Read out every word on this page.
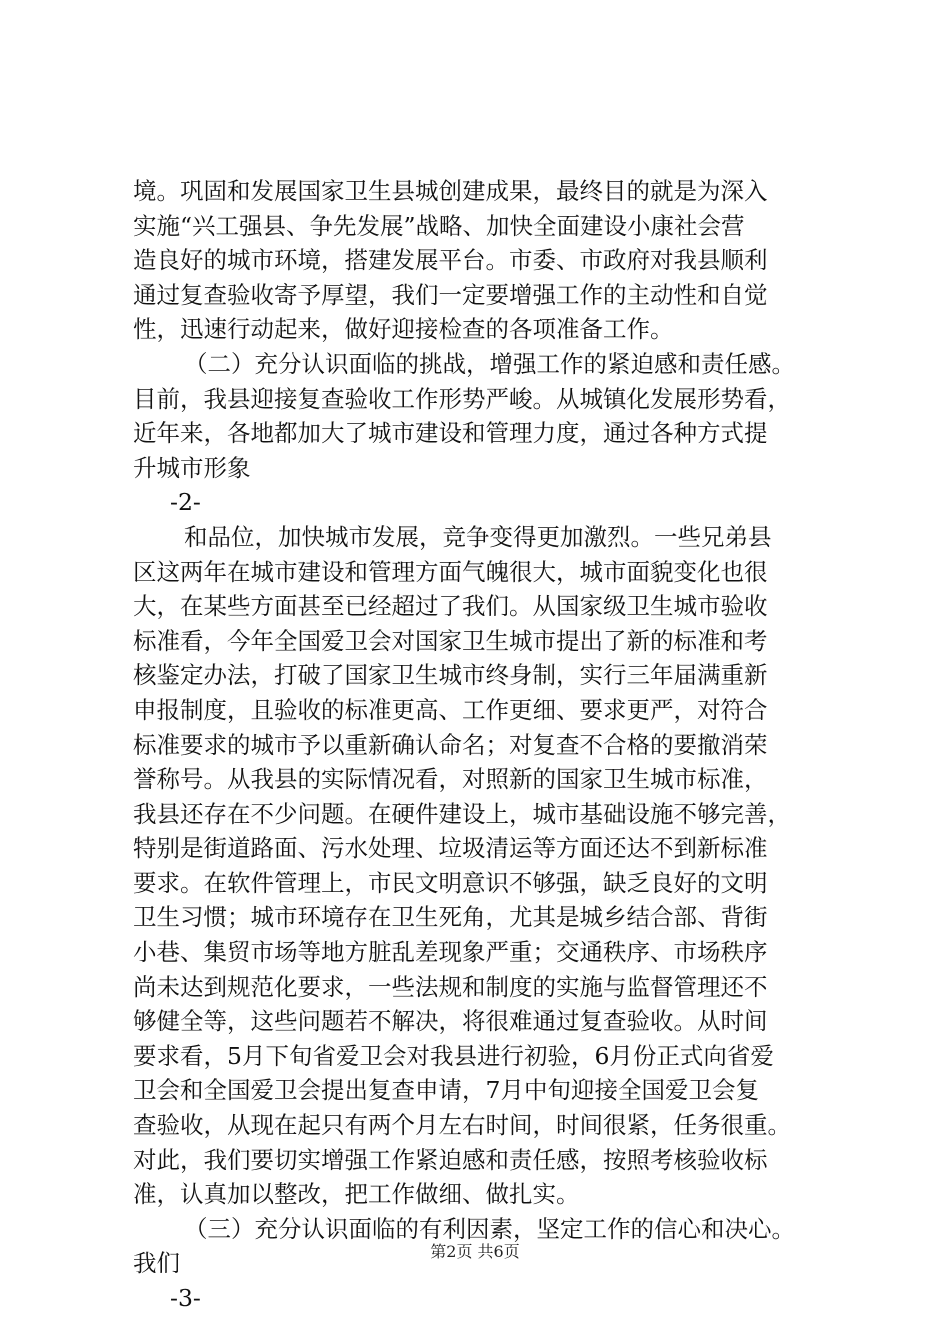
境。巩固和发展国家卫生县城创建成果，最终目的就是为深入
实施“兴工强县、争先发展”战略、加快全面建设小康社会营
造良好的城市环境，搭建发展平台。市委、市政府对我县顺利
通过复查验收寄予厚望，我们一定要增强工作的主动性和自觉
性，迅速行动起来，做好迎接检查的各项准备工作。
（二）充分认识面临的挑战，增强工作的紧迫感和责任感。
目前，我县迎接复查验收工作形势严峻。从城镇化发展形势看，
近年来，各地都加大了城市建设和管理力度，通过各种方式提
升城市形象
-2-
和品位，加快城市发展，竞争变得更加激烈。一些兄弟县
区这两年在城市建设和管理方面气魄很大，城市面貌变化也很
大，在某些方面甚至已经超过了我们。从国家级卫生城市验收
标准看，今年全国爱卫会对国家卫生城市提出了新的标准和考
核鉴定办法，打破了国家卫生城市终身制，实行三年届满重新
申报制度，且验收的标准更高、工作更细、要求更严，对符合
标准要求的城市予以重新确认命名；对复查不合格的要撤消荣
誉称号。从我县的实际情况看，对照新的国家卫生城市标准，
我县还存在不少问题。在硬件建设上，城市基础设施不够完善，
特别是街道路面、污水处理、垃圾清运等方面还达不到新标准
要求。在软件管理上，市民文明意识不够强，缺乏良好的文明
卫生习惯；城市环境存在卫生死角，尤其是城乡结合部、背街
小巷、集贸市场等地方脏乱差现象严重；交通秩序、市场秩序
尚未达到规范化要求，一些法规和制度的实施与监督管理还不
够健全等，这些问题若不解决，将很难通过复查验收。从时间
要求看，5月下旬省爱卫会对我县进行初验，6月份正式向省爱
卫会和全国爱卫会提出复查申请，7月中旬迎接全国爱卫会复
查验收，从现在起只有两个月左右时间，时间很紧，任务很重。
对此，我们要切实增强工作紧迫感和责任感，按照考核验收标
准，认真加以整改，把工作做细、做扎实。
（三）充分认识面临的有利因素，坚定工作的信心和决心。
我们
-3-
第2页 共6页
